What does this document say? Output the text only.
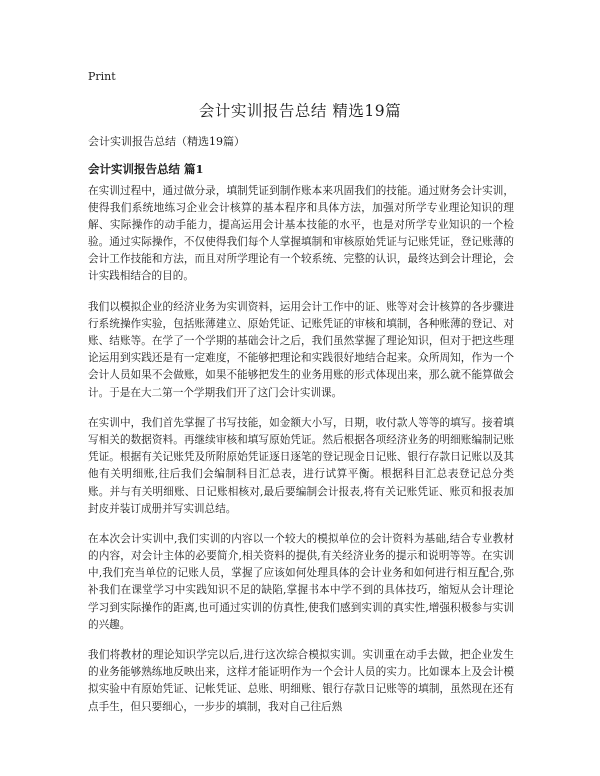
Print
会计实训报告总结 精选19篇

会计实训报告总结（精选19篇）

会计实训报告总结 篇1

在实训过程中，通过做分录，填制凭证到制作账本来巩固我们的技能。通过财务会计实训，使得我们系统地练习企业会计核算的基本程序和具体方法，加强对所学专业理论知识的理解、实际操作的动手能力，提高运用会计基本技能的水平，也是对所学专业知识的一个检验。通过实际操作，不仅使得我们每个人掌握填制和审核原始凭证与记账凭证，登记账薄的会计工作技能和方法，而且对所学理论有一个较系统、完整的认识，最终达到会计理论，会计实践相结合的目的。

我们以模拟企业的经济业务为实训资料，运用会计工作中的证、账等对会计核算的各步骤进行系统操作实验，包括账薄建立、原始凭证、记账凭证的审核和填制，各种账薄的登记、对账、结账等。在学了一个学期的基础会计之后，我们虽然掌握了理论知识，但对于把这些理论运用到实践还是有一定难度，不能够把理论和实践很好地结合起来。众所周知，作为一个会计人员如果不会做账，如果不能够把发生的业务用账的形式体现出来，那么就不能算做会计。于是在大二第一个学期我们开了这门会计实训课。

在实训中，我们首先掌握了书写技能，如金额大小写，日期，收付款人等等的填写。接着填写相关的数据资料。再继续审核和填写原始凭证。然后根据各项经济业务的明细账编制记账凭证。根据有关记账凭及所附原始凭证逐日逐笔的登记现金日记账、银行存款日记账以及其他有关明细账,往后我们会编制科目汇总表，进行试算平衡。根据科目汇总表登记总分类账。并与有关明细账、日记账相核对,最后要编制会计报表,将有关记账凭证、账页和报表加封皮并装订成册并写实训总结。

在本次会计实训中,我们实训的内容以一个较大的模拟单位的会计资料为基础,结合专业教材的内容，对会计主体的必要简介,相关资料的提供,有关经济业务的提示和说明等等。在实训中,我们充当单位的记账人员，掌握了应该如何处理具体的会计业务和如何进行相互配合,弥补我们在课堂学习中实践知识不足的缺陷,掌握书本中学不到的具体技巧，缩短从会计理论学习到实际操作的距离,也可通过实训的仿真性,使我们感到实训的真实性,增强积极参与实训的兴趣。

我们将教材的理论知识学完以后,进行这次综合模拟实训。实训重在动手去做，把企业发生的业务能够熟练地反映出来，这样才能证明作为一个会计人员的实力。比如课本上及会计模拟实验中有原始凭证、记帐凭证、总账、明细账、银行存款日记账等的填制，虽然现在还有点手生，但只要细心，一步步的填制，我对自己往后熟
